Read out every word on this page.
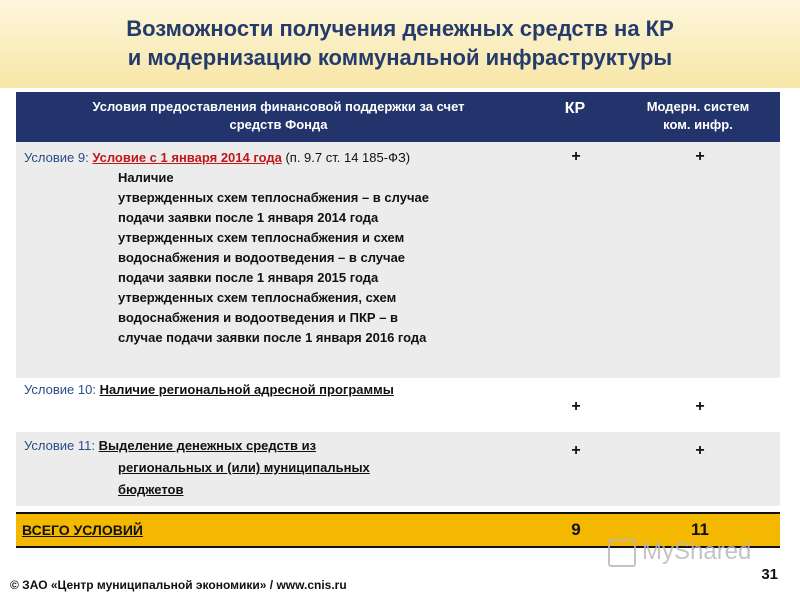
Возможности получения денежных средств на КР
и модернизацию коммунальной инфраструктуры
Условия предоставления финансовой поддержки за счет
средств Фонда
КР	Модерн. систем
ком. инфр.
Условие 9: Условие с 1 января 2014 года (п. 9.7 ст. 14 185-ФЗ)
Наличие
утвержденных схем теплоснабжения – в случае
подачи заявки после 1 января 2014 года
утвержденных схем теплоснабжения и схем
водоснабжения и водоотведения – в случае
подачи заявки после 1 января 2015 года
утвержденных схем теплоснабжения, схем
водоснабжения и водоотведения и ПКР – в
случае подачи заявки после 1 января 2016 года
+	+
Условие 10: Наличие региональной адресной программы
+	+
Условие 11: Выделение денежных средств из региональных и (или) муниципальных
бюджетов
+	+
ВСЕГО УСЛОВИЙ	9	11
MyShared
31
© ЗАО «Центр муниципальной экономики» / www.cnis.ru
